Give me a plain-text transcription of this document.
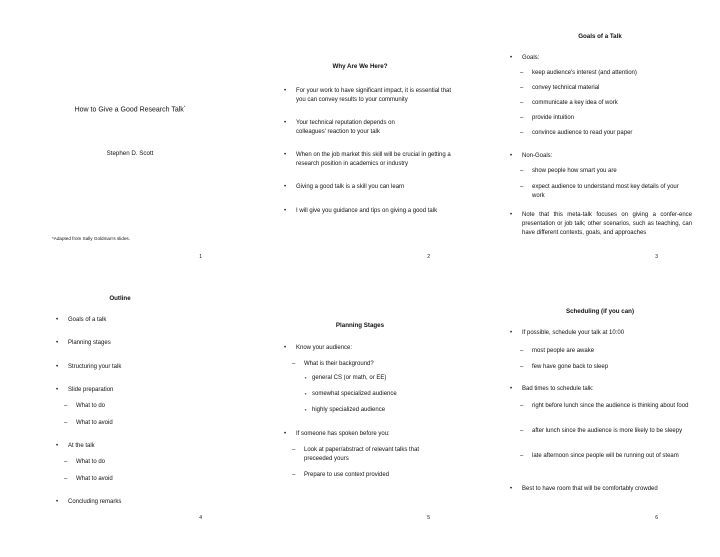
How to Give a Good Research Talk*
Stephen D. Scott
*Adapted from Sally Goldman's slides.
1
Why Are We Here?
• For your work to have significant impact, it is essential that you can convey results to your community
• Your technical reputation depends on colleagues' reaction to your talk
• When on the job market this skill will be crucial in getting a research position in academics or industry
• Giving a good talk is a skill you can learn
• I will give you guidance and tips on giving a good talk
2
Goals of a Talk
• Goals:
– keep audience's interest (and attention)
– convey technical material
– communicate a key idea of work
– provide intuition
– convince audience to read your paper
• Non-Goals:
– show people how smart you are
– expect audience to understand most key details of your work
• Note that this meta-talk focuses on giving a confer-ence presentation or job talk; other scenarios, such as teaching, can have different contexts, goals, and approaches
3
Outline
• Goals of a talk
• Planning stages
• Structuring your talk
• Slide preparation
– What to do
– What to avoid
• At the talk
– What to do
– What to avoid
• Concluding remarks
4
Planning Stages
• Know your audience:
– What is their background?
∘ general CS (or math, or EE)
∘ somewhat specialized audience
∘ highly specialized audience
• If someone has spoken before you:
– Look at paper/abstract of relevant talks that preceeded yours
– Prepare to use context provided
5
Scheduling (if you can)
• If possible, schedule your talk at 10:00
– most people are awake
– few have gone back to sleep
• Bad times to schedule talk:
– right before lunch since the audience is thinking about food
– after lunch since the audience is more likely to be sleepy
– late afternoon since people will be running out of steam
• Best to have room that will be comfortably crowded
6
